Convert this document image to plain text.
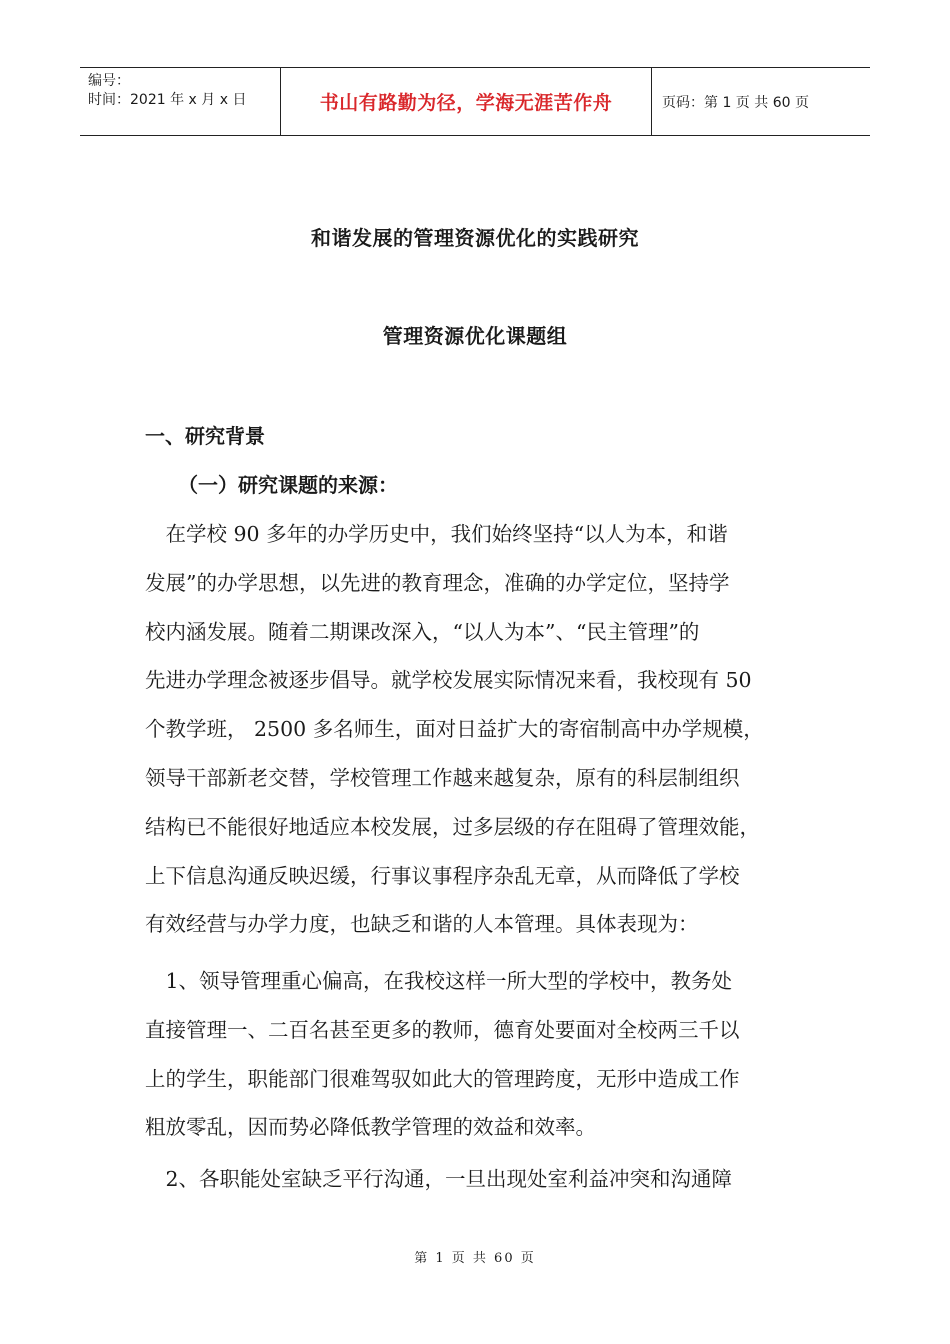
编号：
时间：2021 年 x 月 x 日	书山有路勤为径，学海无涯苦作舟	页码：第 1 页 共 60 页
和谐发展的管理资源优化的实践研究
管理资源优化课题组
一、研究背景
（一）研究课题的来源：
　在学校 90 多年的办学历史中，我们始终坚持“以人为本，和谐
发展”的办学思想，以先进的教育理念，准确的办学定位，坚持学
校内涵发展。随着二期课改深入，“以人为本”、“民主管理”的
先进办学理念被逐步倡导。就学校发展实际情况来看，我校现有 50
个教学班， 2500 多名师生，面对日益扩大的寄宿制高中办学规模，
领导干部新老交替，学校管理工作越来越复杂，原有的科层制组织
结构已不能很好地适应本校发展，过多层级的存在阻碍了管理效能，
上下信息沟通反映迟缓，行事议事程序杂乱无章，从而降低了学校
有效经营与办学力度，也缺乏和谐的人本管理。具体表现为：
　1、领导管理重心偏高，在我校这样一所大型的学校中，教务处
直接管理一、二百名甚至更多的教师，德育处要面对全校两三千以
上的学生，职能部门很难驾驭如此大的管理跨度，无形中造成工作
粗放零乱，因而势必降低教学管理的效益和效率。
　2、各职能处室缺乏平行沟通，一旦出现处室利益冲突和沟通障
第 1 页 共 60 页
